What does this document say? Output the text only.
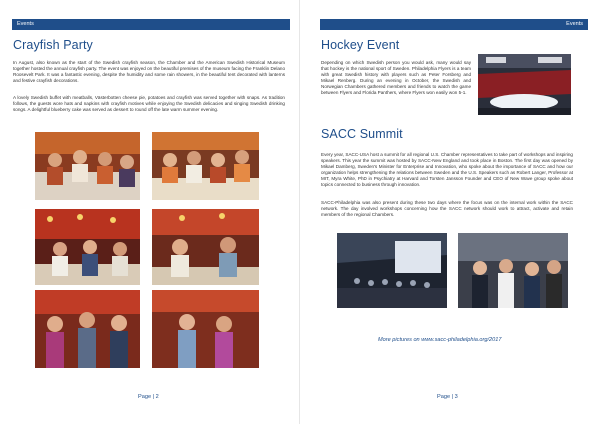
Events
Crayfish Party
In August, also known as the start of the Swedish crayfish season, the Chamber and the American Swedish Historical Museum together hosted the annual crayfish party. The event was enjoyed on the beautiful premises of the museum facing the Franklin Delano Roosevelt Park. It was a fantastic evening, despite the humidity and some rain showers, in the beautiful tent decorated with lanterns and festive crayfish decorations.
A lovely Swedish buffet with meatballs, Västerbotten cheese pie, potatoes and crayfish was served together with snaps. As tradition follows, the guests wore hats and napkins with crayfish motives while enjoying the Swedish delicacies and singing Swedish drinking songs. A delightful blueberry cake was served as dessert to round off the late warm summer evening.
Page | 2
Events
Hockey Event
Depending on which Swedish person you would ask, many would say that hockey is the national sport of Sweden. Philadelphia Flyers is a team with great Swedish history with players such as Peter Forsberg and Mikael Renberg. During an evening in October, the Swedish and Norwegian Chambers gathered members and friends to watch the game between Flyers and Florida Panthers, where Flyers won easily won 5-1.
SACC Summit
Every year, SACC-USA host a summit for all regional U.S. Chamber representatives to take part of workshops and inspiring speakers. This year the summit was hosted by SACC-New England and took place in Boston. The first day was opened by Mikael Damberg, Sweden's Minister for Enterprise and Innovation, who spoke about the importance of SACC and how our organization helps strengthening the relations between Sweden and the U.S. Speakers such as Robert Langer, Professor at MIT, Myra White, PhD in Psychiatry at Harvard and Torsten Jansson Founder and CEO of New Wave group spoke about topics connected to business through innovation.
SACC-Philadelphia was also present during these two days where the focus was on the internal work within the SACC network. The day involved workshops concerning how the SACC network should work to attract, activate and retain members of the regional Chambers.
More pictures on www.sacc-philadelphia.org/2017
Page | 3
